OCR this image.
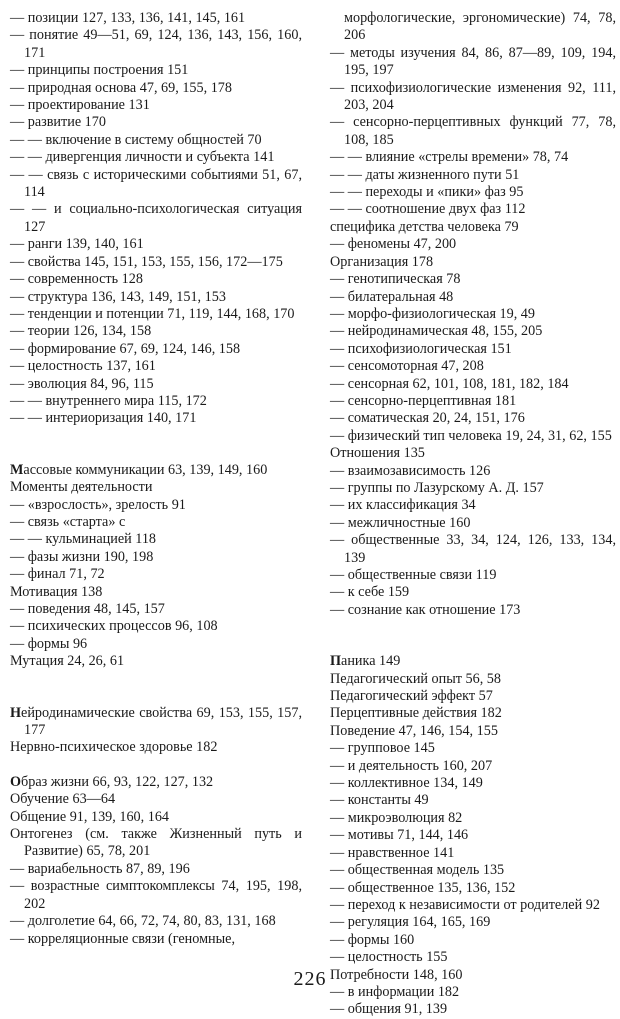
— позиции 127, 133, 136, 141, 145, 161
— понятие 49—51, 69, 124, 136, 143, 156, 160, 171
— принципы построения 151
— природная основа 47, 69, 155, 178
— проектирование 131
— развитие 170
— — включение в систему общностей 70
— — дивергенция личности и субъекта 141
— — связь с историческими событиями 51, 67, 114
— — и социально-психологическая ситуация 127
— ранги 139, 140, 161
— свойства 145, 151, 153, 155, 156, 172—175
— современность 128
— структура 136, 143, 149, 151, 153
— тенденции и потенции 71, 119, 144, 168, 170
— теории 126, 134, 158
— формирование 67, 69, 124, 146, 158
— целостность 137, 161
— эволюция 84, 96, 115
— — внутреннего мира 115, 172
— — интериоризация 140, 171
Массовые коммуникации 63, 139, 149, 160
Моменты деятельности
— «взрослость», зрелость 91
— связь «старта» с
— — кульминацией 118
— фазы жизни 190, 198
— финал 71, 72
Мотивация 138
— поведения 48, 145, 157
— психических процессов 96, 108
— формы 96
Мутация 24, 26, 61
Нейродинамические свойства 69, 153, 155, 157, 177
Нервно-психическое здоровье 182
Образ жизни 66, 93, 122, 127, 132
Обучение 63—64
Общение 91, 139, 160, 164
Онтогенез (см. также Жизненный путь и Развитие) 65, 78, 201
— вариабельность 87, 89, 196
— возрастные симптокомплексы 74, 195, 198, 202
— долголетие 64, 66, 72, 74, 80, 83, 131, 168
— корреляционные связи (геномные,
морфологические, эргономические) 74, 78, 206
— методы изучения 84, 86, 87—89, 109, 194, 195, 197
— психофизиологические изменения 92, 111, 203, 204
— сенсорно-перцептивных функций 77, 78, 108, 185
— — влияние «стрелы времени» 78, 74
— — даты жизненного пути 51
— — переходы и «пики» фаз 95
— — соотношение двух фаз 112
специфика детства человека 79
— феномены 47, 200
Организация 178
— генотипическая 78
— билатеральная 48
— морфо-физиологическая 19, 49
— нейродинамическая 48, 155, 205
— психофизиологическая 151
— сенсомоторная 47, 208
— сенсорная 62, 101, 108, 181, 182, 184
— сенсорно-перцептивная 181
— соматическая 20, 24, 151, 176
— физический тип человека 19, 24, 31, 62, 155
Отношения 135
— взаимозависимость 126
— группы по Лазурскому А. Д. 157
— их классификация 34
— межличностные 160
— общественные 33, 34, 124, 126, 133, 134, 139
— общественные связи 119
— к себе 159
— сознание как отношение 173
Паника 149
Педагогический опыт 56, 58
Педагогический эффект 57
Перцептивные действия 182
Поведение 47, 146, 154, 155
— групповое 145
— и деятельность 160, 207
— коллективное 134, 149
— константы 49
— микроэволюция 82
— мотивы 71, 144, 146
— нравственное 141
— общественная модель 135
— общественное 135, 136, 152
— переход к независимости от родителей 92
— регуляция 164, 165, 169
— формы 160
— целостность 155
Потребности 148, 160
— в информации 182
— общения 91, 139
226
